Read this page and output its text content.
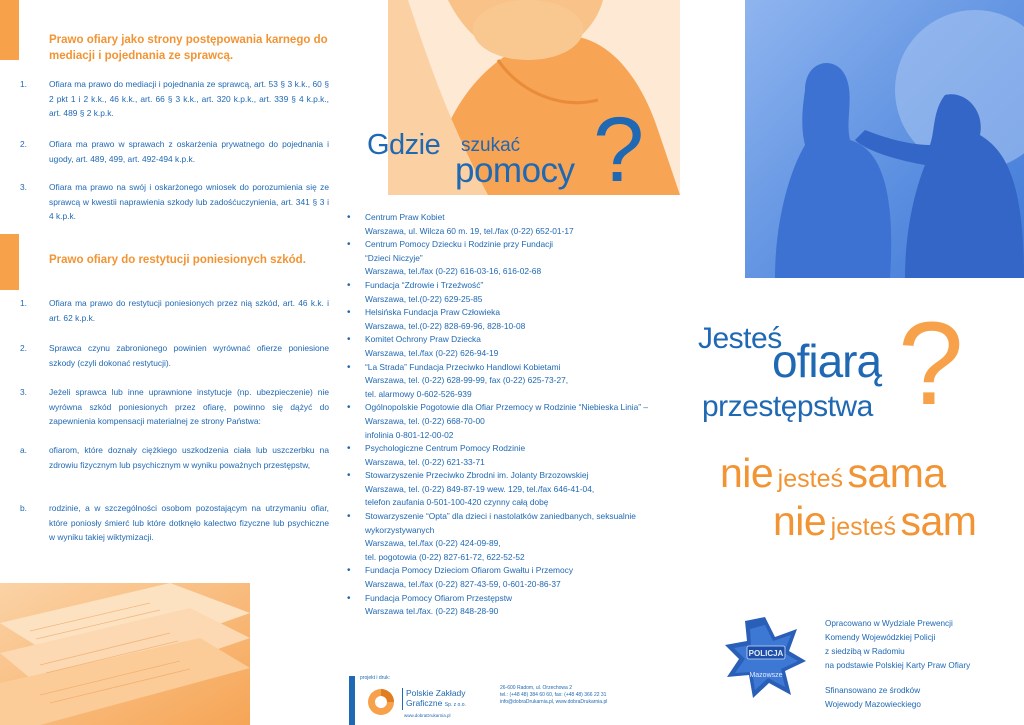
Prawo ofiary jako strony postępowania karnego do mediacji i pojednania ze sprawcą.
1.	Ofiara ma prawo do mediacji i pojednania ze sprawcą, art. 53 § 3 k.k., 60 § 2 pkt 1 i 2 k.k., 46 k.k., art. 66 § 3 k.k., art. 320 k.p.k., art. 339 § 4 k.p.k., art. 489 § 2 k.p.k.
2.	Ofiara ma prawo w sprawach z oskarżenia prywatnego do pojednania i ugody, art. 489, 499, art. 492-494 k.p.k.
3.	Ofiara ma prawo na swój i oskarżonego wniosek do porozumienia się ze sprawcą w kwestii naprawienia szkody lub zadośćuczynienia, art. 341 § 3 i 4 k.p.k.
Prawo ofiary do restytucji poniesionych szkód.
1.	Ofiara ma prawo do restytucji poniesionych przez nią szkód, art. 46 k.k. i art. 62 k.p.k.
2.	Sprawca czynu zabronionego powinien wyrównać ofierze poniesione szkody (czyli dokonać restytucji).
3.	Jeżeli sprawca lub inne uprawnione instytucje (np. ubezpieczenie) nie wyrówna szkód poniesionych przez ofiarę, powinno się dążyć do zapewnienia kompensacji materialnej ze strony Państwa:
a.	ofiarom, które doznały ciężkiego uszkodzenia ciała lub uszczerbku na zdrowiu fizycznym lub psychicznym w wyniku poważnych przestępstw,
b.	rodzinie, a w szczególności osobom pozostającym na utrzymaniu ofiar, które poniosły śmierć lub które dotknęło kalectwo fizyczne lub psychiczne w wyniku takiej wiktymizacji.
Gdzie szukać
pomocy ?
• Centrum Praw Kobiet
Warszawa, ul. Wilcza 60 m. 19, tel./fax (0-22) 652-01-17
• Centrum Pomocy Dziecku i Rodzinie przy Fundacji “Dzieci Niczyje”
Warszawa, tel./fax (0-22) 616-03-16, 616-02-68
• Fundacja “Zdrowie i Trzeźwość”
Warszawa, tel.(0-22) 629-25-85
• Helsińska Fundacja Praw Człowieka
Warszawa, tel.(0-22) 828-69-96, 828-10-08
• Komitet Ochrony Praw Dziecka
Warszawa, tel./fax (0-22) 626-94-19
• “La Strada” Fundacja Przeciwko Handlowi Kobietami
Warszawa, tel. (0-22) 628-99-99, fax (0-22) 625-73-27,
tel. alarmowy 0-602-526-939
• Ogólnopolskie Pogotowie dla Ofiar Przemocy w Rodzinie “Niebieska Linia” – Warszawa, tel. (0-22) 668-70-00
infolinia 0-801-12-00-02
• Psychologiczne Centrum Pomocy Rodzinie
Warszawa, tel. (0-22) 621-33-71
• Stowarzyszenie Przeciwko Zbrodni im. Jolanty Brzozowskiej
Warszawa, tel. (0-22) 849-87-19 wew. 129, tel./fax 646-41-04,
telefon zaufania 0-501-100-420 czynny całą dobę
• Stowarzyszenie “Opta” dla dzieci i nastolatków zaniedbanych, seksualnie wykorzystywanych
Warszawa, tel./fax (0-22) 424-09-89,
tel. pogotowia (0-22) 827-61-72, 622-52-52
• Fundacja Pomocy Dzieciom Ofiarom Gwałtu i Przemocy
Warszawa, tel./fax (0-22) 827-43-59, 0-601-20-86-37
• Fundacja Pomocy Ofiarom Przestępstw
Warszawa tel./fax. (0-22) 848-28-90
projekt i druk:
Polskie Zakłady
Graficzne Sp. z o.o.
www.dobraDrukarnia.pl
26-600 Radom, ul. Orzechowa 2
tel.: (+48 48) 384 60 60, fax: (+48 48) 366 22 31
info@dobraDrukarnia.pl, www.dobraDrukarnia.pl
Jesteś
ofiarą
przestępstwa ?
nie jesteś sama
nie jesteś sam
POLICJA
Mazowsze
Opracowano w Wydziale Prewencji
Komendy Wojewódzkiej Policji
z siedzibą w Radomiu
na podstawie Polskiej Karty Praw Ofiary
Sfinansowano ze środków
Wojewody Mazowieckiego
